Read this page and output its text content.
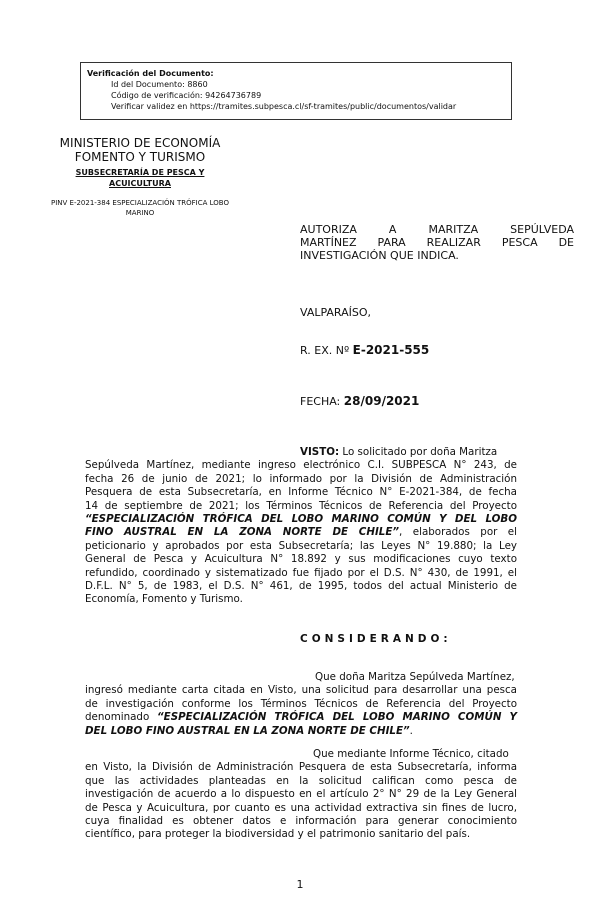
Verificación del Documento:
• Id del Documento: 8860
• Código de verificación: 94264736789
• Verificar validez en https://tramites.subpesca.cl/sf-tramites/public/documentos/validar
MINISTERIO DE ECONOMÍA
FOMENTO Y TURISMO
SUBSECRETARÍA DE PESCA Y
ACUICULTURA
PINV E-2021-384 ESPECIALIZACIÓN TRÓFICA LOBO
MARINO
AUTORIZA A MARITZA SEPÚLVEDA
MARTÍNEZ PARA REALIZAR PESCA DE
INVESTIGACIÓN QUE INDICA.
VALPARAÍSO,
R. EX. Nº E-2021-555
FECHA: 28/09/2021
VISTO: Lo solicitado por doña Maritza
Sepúlveda Martínez, mediante ingreso electrónico C.I. SUBPESCA N° 243, de
fecha 26 de junio de 2021; lo informado por la División de Administración
Pesquera de esta Subsecretaría, en Informe Técnico N° E-2021-384, de fecha
14 de septiembre de 2021; los Términos Técnicos de Referencia del Proyecto
“ESPECIALIZACIÓN TRÓFICA DEL LOBO MARINO COMÚN Y DEL LOBO
FINO AUSTRAL EN LA ZONA NORTE DE CHILE”, elaborados por el
peticionario y aprobados por esta Subsecretaría; las Leyes N° 19.880; la Ley
General de Pesca y Acuicultura N° 18.892 y sus modificaciones cuyo texto
refundido, coordinado y sistematizado fue fijado por el D.S. N° 430, de 1991, el
D.F.L. N° 5, de 1983, el D.S. N° 461, de 1995, todos del actual Ministerio de
Economía, Fomento y Turismo.
CONSIDERANDO:
Que doña Maritza Sepúlveda Martínez,
ingresó mediante carta citada en Visto, una solicitud para desarrollar una pesca
de investigación conforme los Términos Técnicos de Referencia del Proyecto
denominado “ESPECIALIZACIÓN TRÓFICA DEL LOBO MARINO COMÚN Y
DEL LOBO FINO AUSTRAL EN LA ZONA NORTE DE CHILE”.
Que mediante Informe Técnico, citado
en Visto, la División de Administración Pesquera de esta Subsecretaría, informa
que las actividades planteadas en la solicitud califican como pesca de
investigación de acuerdo a lo dispuesto en el artículo 2° N° 29 de la Ley General
de Pesca y Acuicultura, por cuanto es una actividad extractiva sin fines de lucro,
cuya finalidad es obtener datos e información para generar conocimiento
científico, para proteger la biodiversidad y el patrimonio sanitario del país.
1
